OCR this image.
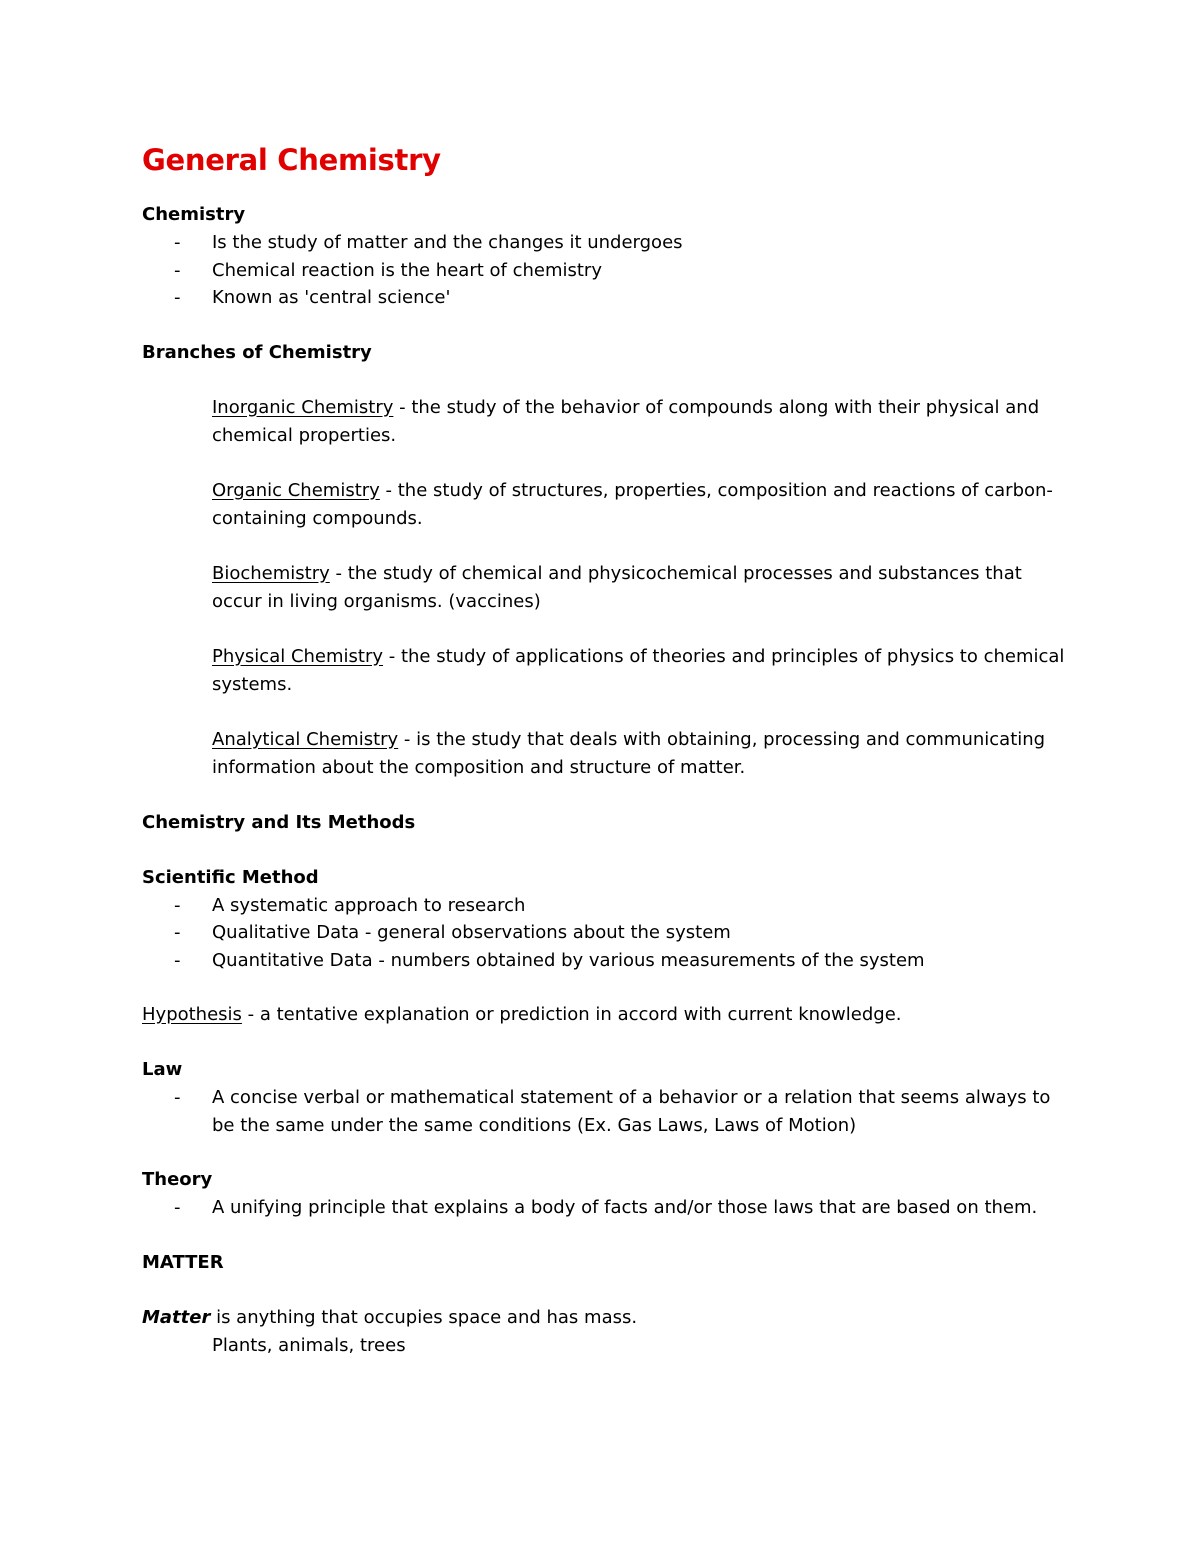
General Chemistry

Chemistry

- Is the study of matter and the changes it undergoes
- Chemical reaction is the heart of chemistry
- Known as 'central science'

Branches of Chemistry

Inorganic Chemistry - the study of the behavior of compounds along with their physical and chemical properties.

Organic Chemistry - the study of structures, properties, composition and reactions of carbon-containing compounds.

Biochemistry - the study of chemical and physicochemical processes and substances that occur in living organisms. (vaccines)

Physical Chemistry - the study of applications of theories and principles of physics to chemical systems.

Analytical Chemistry - is the study that deals with obtaining, processing and communicating information about the composition and structure of matter.

Chemistry and Its Methods

Scientific Method

- A systematic approach to research
- Qualitative Data - general observations about the system
- Quantitative Data - numbers obtained by various measurements of the system

Hypothesis - a tentative explanation or prediction in accord with current knowledge.

Law

- A concise verbal or mathematical statement of a behavior or a relation that seems always to be the same under the same conditions (Ex. Gas Laws, Laws of Motion)

Theory

- A unifying principle that explains a body of facts and/or those laws that are based on them.

MATTER

Matter is anything that occupies space and has mass.

Plants, animals, trees
